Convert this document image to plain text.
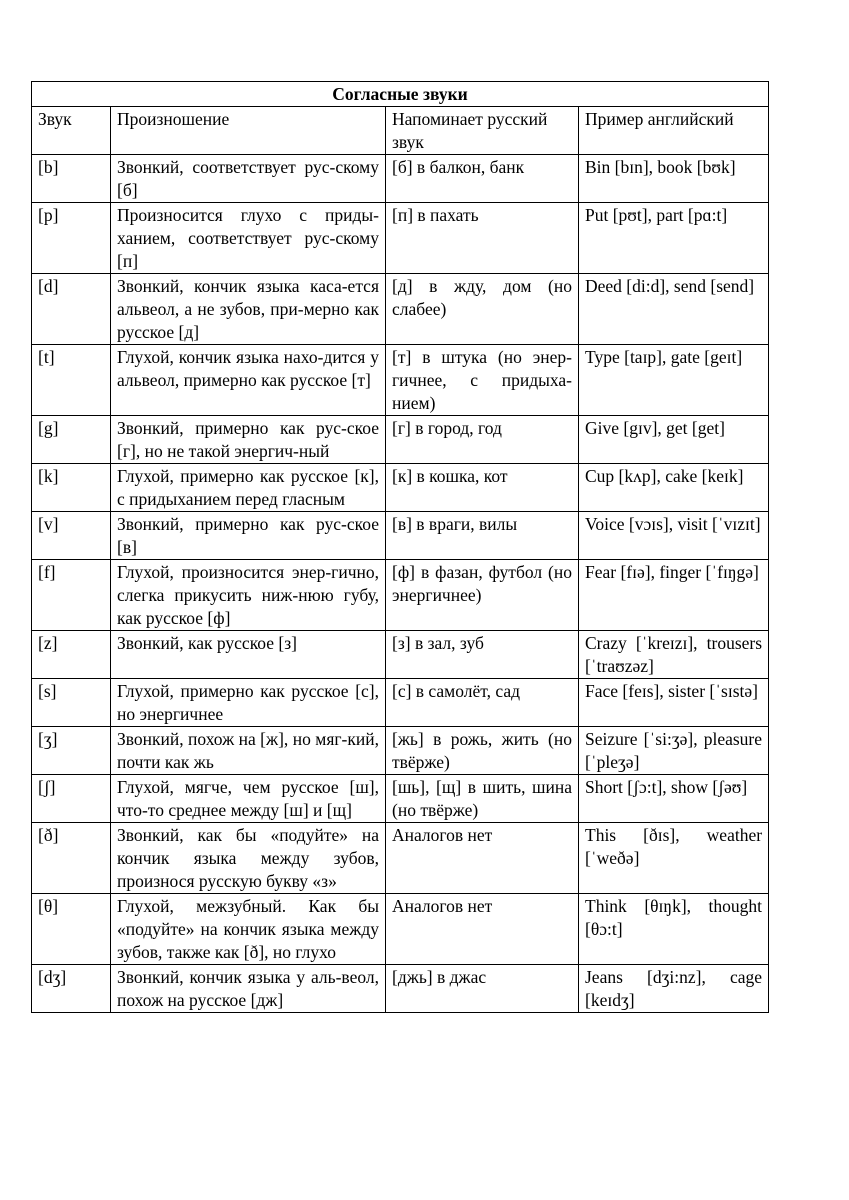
Согласные звуки			
Звук	Произношение	Напоминает русский звук	Пример английский
[b]	Звонкий, соответствует рус-скому [б]	[б] в балкон, банк	Bin [bɪn], book [bʊk]
[p]	Произносится глухо с приды-ханием, соответствует рус-скому [п]	[п] в пахать	Put [pʊt], part [pɑ:t]
[d]	Звонкий, кончик языка каса-ется альвеол, а не зубов, при-мерно как русское [д]	[д] в жду, дом (но слабее)	Deed [di:d], send [send]
[t]	Глухой, кончик языка нахо-дится у альвеол, примерно как русское [т]	[т] в штука (но энер-гичнее, с придыха-нием)	Type [taɪp], gate [geɪt]
[g]	Звонкий, примерно как рус-ское [г], но не такой энергич-ный	[г] в город, год	Give [gɪv], get [get]
[k]	Глухой, примерно как русское [к], с придыханием перед гласным	[к] в кошка, кот	Cup [kʌp], cake [keɪk]
[v]	Звонкий, примерно как рус-ское [в]	[в] в враги, вилы	Voice [vɔɪs], visit [ˈvɪzɪt]
[f]	Глухой, произносится энер-гично, слегка прикусить ниж-нюю губу, как русское [ф]	[ф] в фазан, футбол (но энергичнее)	Fear [fɪə], finger [ˈfɪŋgə]
[z]	Звонкий, как русское [з]	[з] в зал, зуб	Crazy [ˈkreɪzɪ], trousers [ˈtraʊzəz]
[s]	Глухой, примерно как русское [с], но энергичнее	[с] в самолёт, сад	Face [feɪs], sister [ˈsɪstə]
[ʒ]	Звонкий, похож на [ж], но мяг-кий, почти как жь	[жь] в рожь, жить (но твёрже)	Seizure [ˈsi:ʒə], pleasure [ˈpleʒə]
[ʃ]	Глухой, мягче, чем русское [ш], что-то среднее между [ш] и [щ]	[шь], [щ] в шить, шина (но твёрже)	Short [ʃɔ:t], show [ʃəʊ]
[ð]	Звонкий, как бы «подуйте» на кончик языка между зубов, произнося русскую букву «з»	Аналогов нет	This [ðɪs], weather [ˈweðə]
[θ]	Глухой, межзубный. Как бы «подуйте» на кончик языка между зубов, также как [ð], но глухо	Аналогов нет	Think [θɪŋk], thought [θɔ:t]
[dʒ]	Звонкий, кончик языка у аль-веол, похож на русское [дж]	[джь] в джас	Jeans [dʒi:nz], cage [keɪdʒ]
